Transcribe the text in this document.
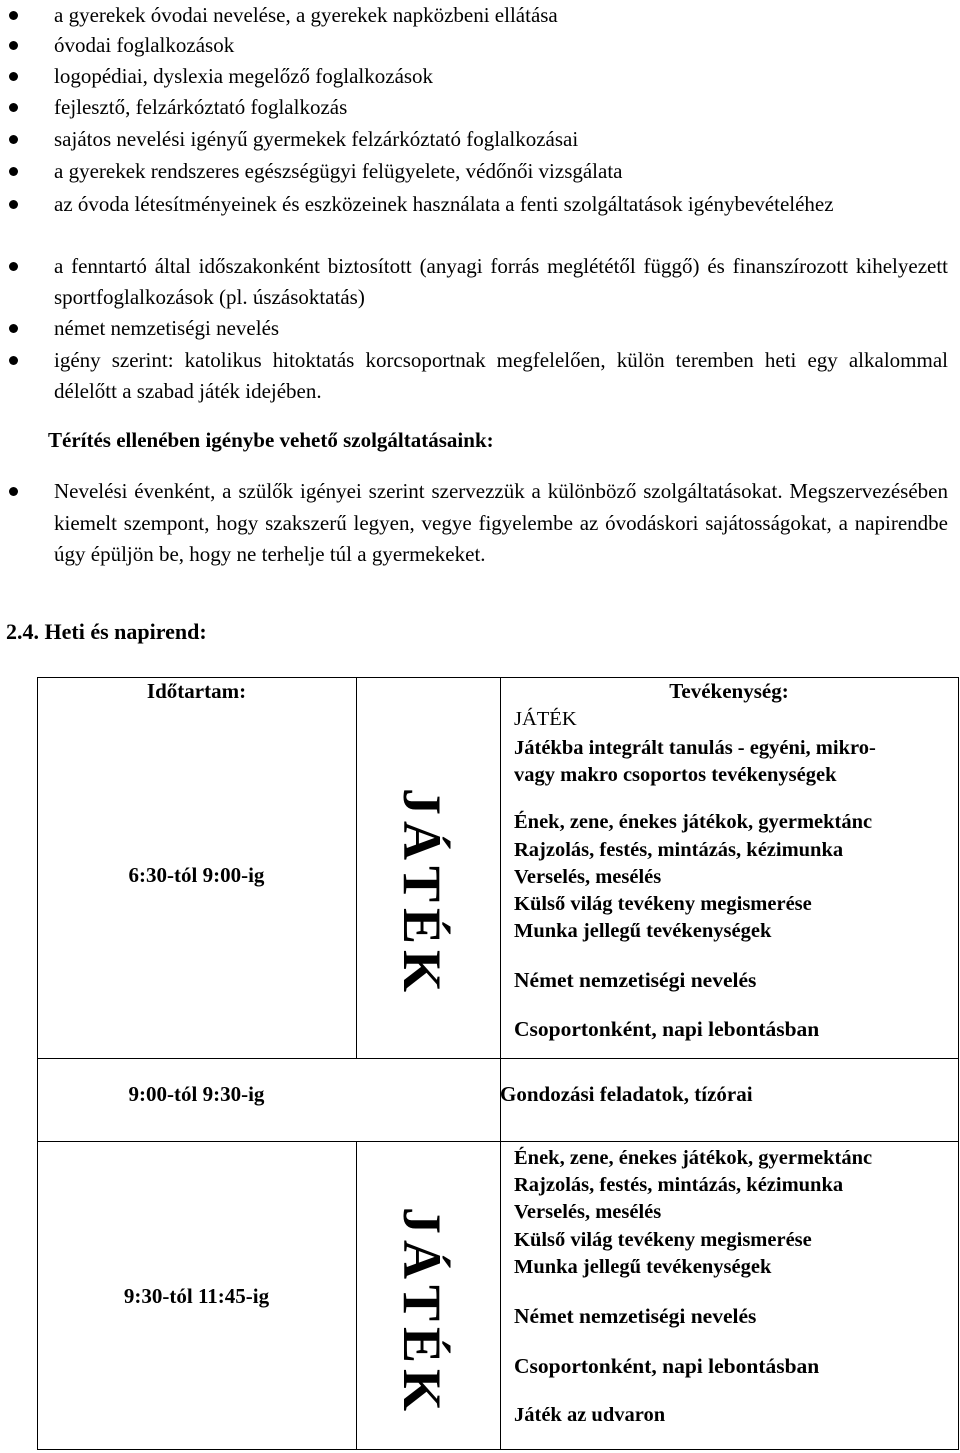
a gyerekek óvodai nevelése, a gyerekek napközbeni ellátása
óvodai foglalkozások
logopédiai, dyslexia megelőző foglalkozások
fejlesztő, felzárkóztató foglalkozás
sajátos nevelési igényű gyermekek felzárkóztató foglalkozásai
a gyerekek rendszeres egészségügyi felügyelete, védőnői vizsgálata
az óvoda létesítményeinek és eszközeinek használata a fenti szolgáltatások igénybevételéhez
a fenntartó által időszakonként biztosított (anyagi forrás meglététől függő) és finanszírozott kihelyezett sportfoglalkozások (pl. úszásoktatás)
német nemzetiségi nevelés
igény szerint: katolikus hitoktatás korcsoportnak megfelelően, külön teremben heti egy alkalommal délelőtt a szabad játék idejében.
Térítés ellenében igénybe vehető szolgáltatásaink:
Nevelési évenként, a szülők igényei szerint szervezzük a különböző szolgáltatásokat. Megszervezésében kiemelt szempont, hogy szakszerű legyen, vegye figyelembe az óvodáskori sajátosságokat, a napirendbe úgy épüljön be, hogy ne terhelje túl a gyermekeket.
2.4. Heti és napirend:
Időtartam:	Tevékenység:
6:30-tól 9:00-ig	JÁTÉK
JÁTÉK
Játékba integrált tanulás - egyéni, mikro-
vagy makro csoportos tevékenységek
Ének, zene, énekes játékok, gyermektánc
Rajzolás, festés, mintázás, kézimunka
Verselés, mesélés
Külső világ tevékeny megismerése
Munka jellegű tevékenységek
Német nemzetiségi nevelés
Csoportonként, napi lebontásban
9:00-tól 9:30-ig	Gondozási feladatok, tízórai
9:30-tól 11:45-ig	JÁTÉK
Ének, zene, énekes játékok, gyermektánc
Rajzolás, festés, mintázás, kézimunka
Verselés, mesélés
Külső világ tevékeny megismerése
Munka jellegű tevékenységek
Német nemzetiségi nevelés
Csoportonként, napi lebontásban
Játék az udvaron
